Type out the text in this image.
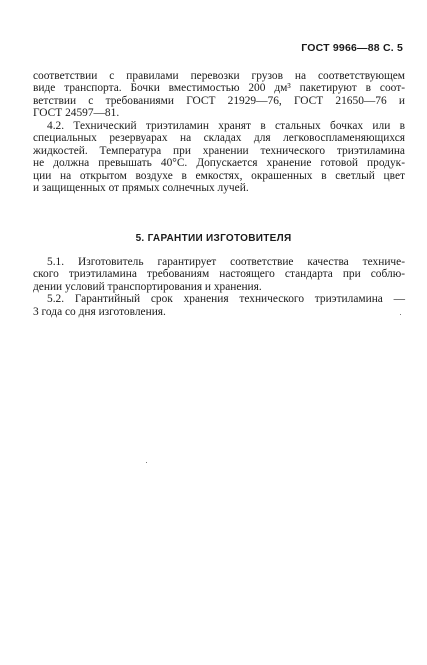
ГОСТ 9966—88 С. 5
соответствии с правилами перевозки грузов на соответствующем
виде транспорта. Бочки вместимостью 200 дм³ пакетируют в соот-
ветствии с требованиями ГОСТ 21929—76, ГОСТ 21650—76 и
ГОСТ 24597—81.
4.2. Технический триэтиламин хранят в стальных бочках или в
специальных резервуарах на складах для легковоспламеняющихся
жидкостей. Температура при хранении технического триэтиламина
не должна превышать 40°C. Допускается хранение готовой продук-
ции на открытом воздухе в емкостях, окрашенных в светлый цвет
и защищенных от прямых солнечных лучей.
5. ГАРАНТИИ ИЗГОТОВИТЕЛЯ
5.1. Изготовитель гарантирует соответствие качества техниче-
ского триэтиламина требованиям настоящего стандарта при соблю-
дении условий транспортирования и хранения.
5.2. Гарантийный срок хранения технического триэтиламина —
3 года со дня изготовления.
